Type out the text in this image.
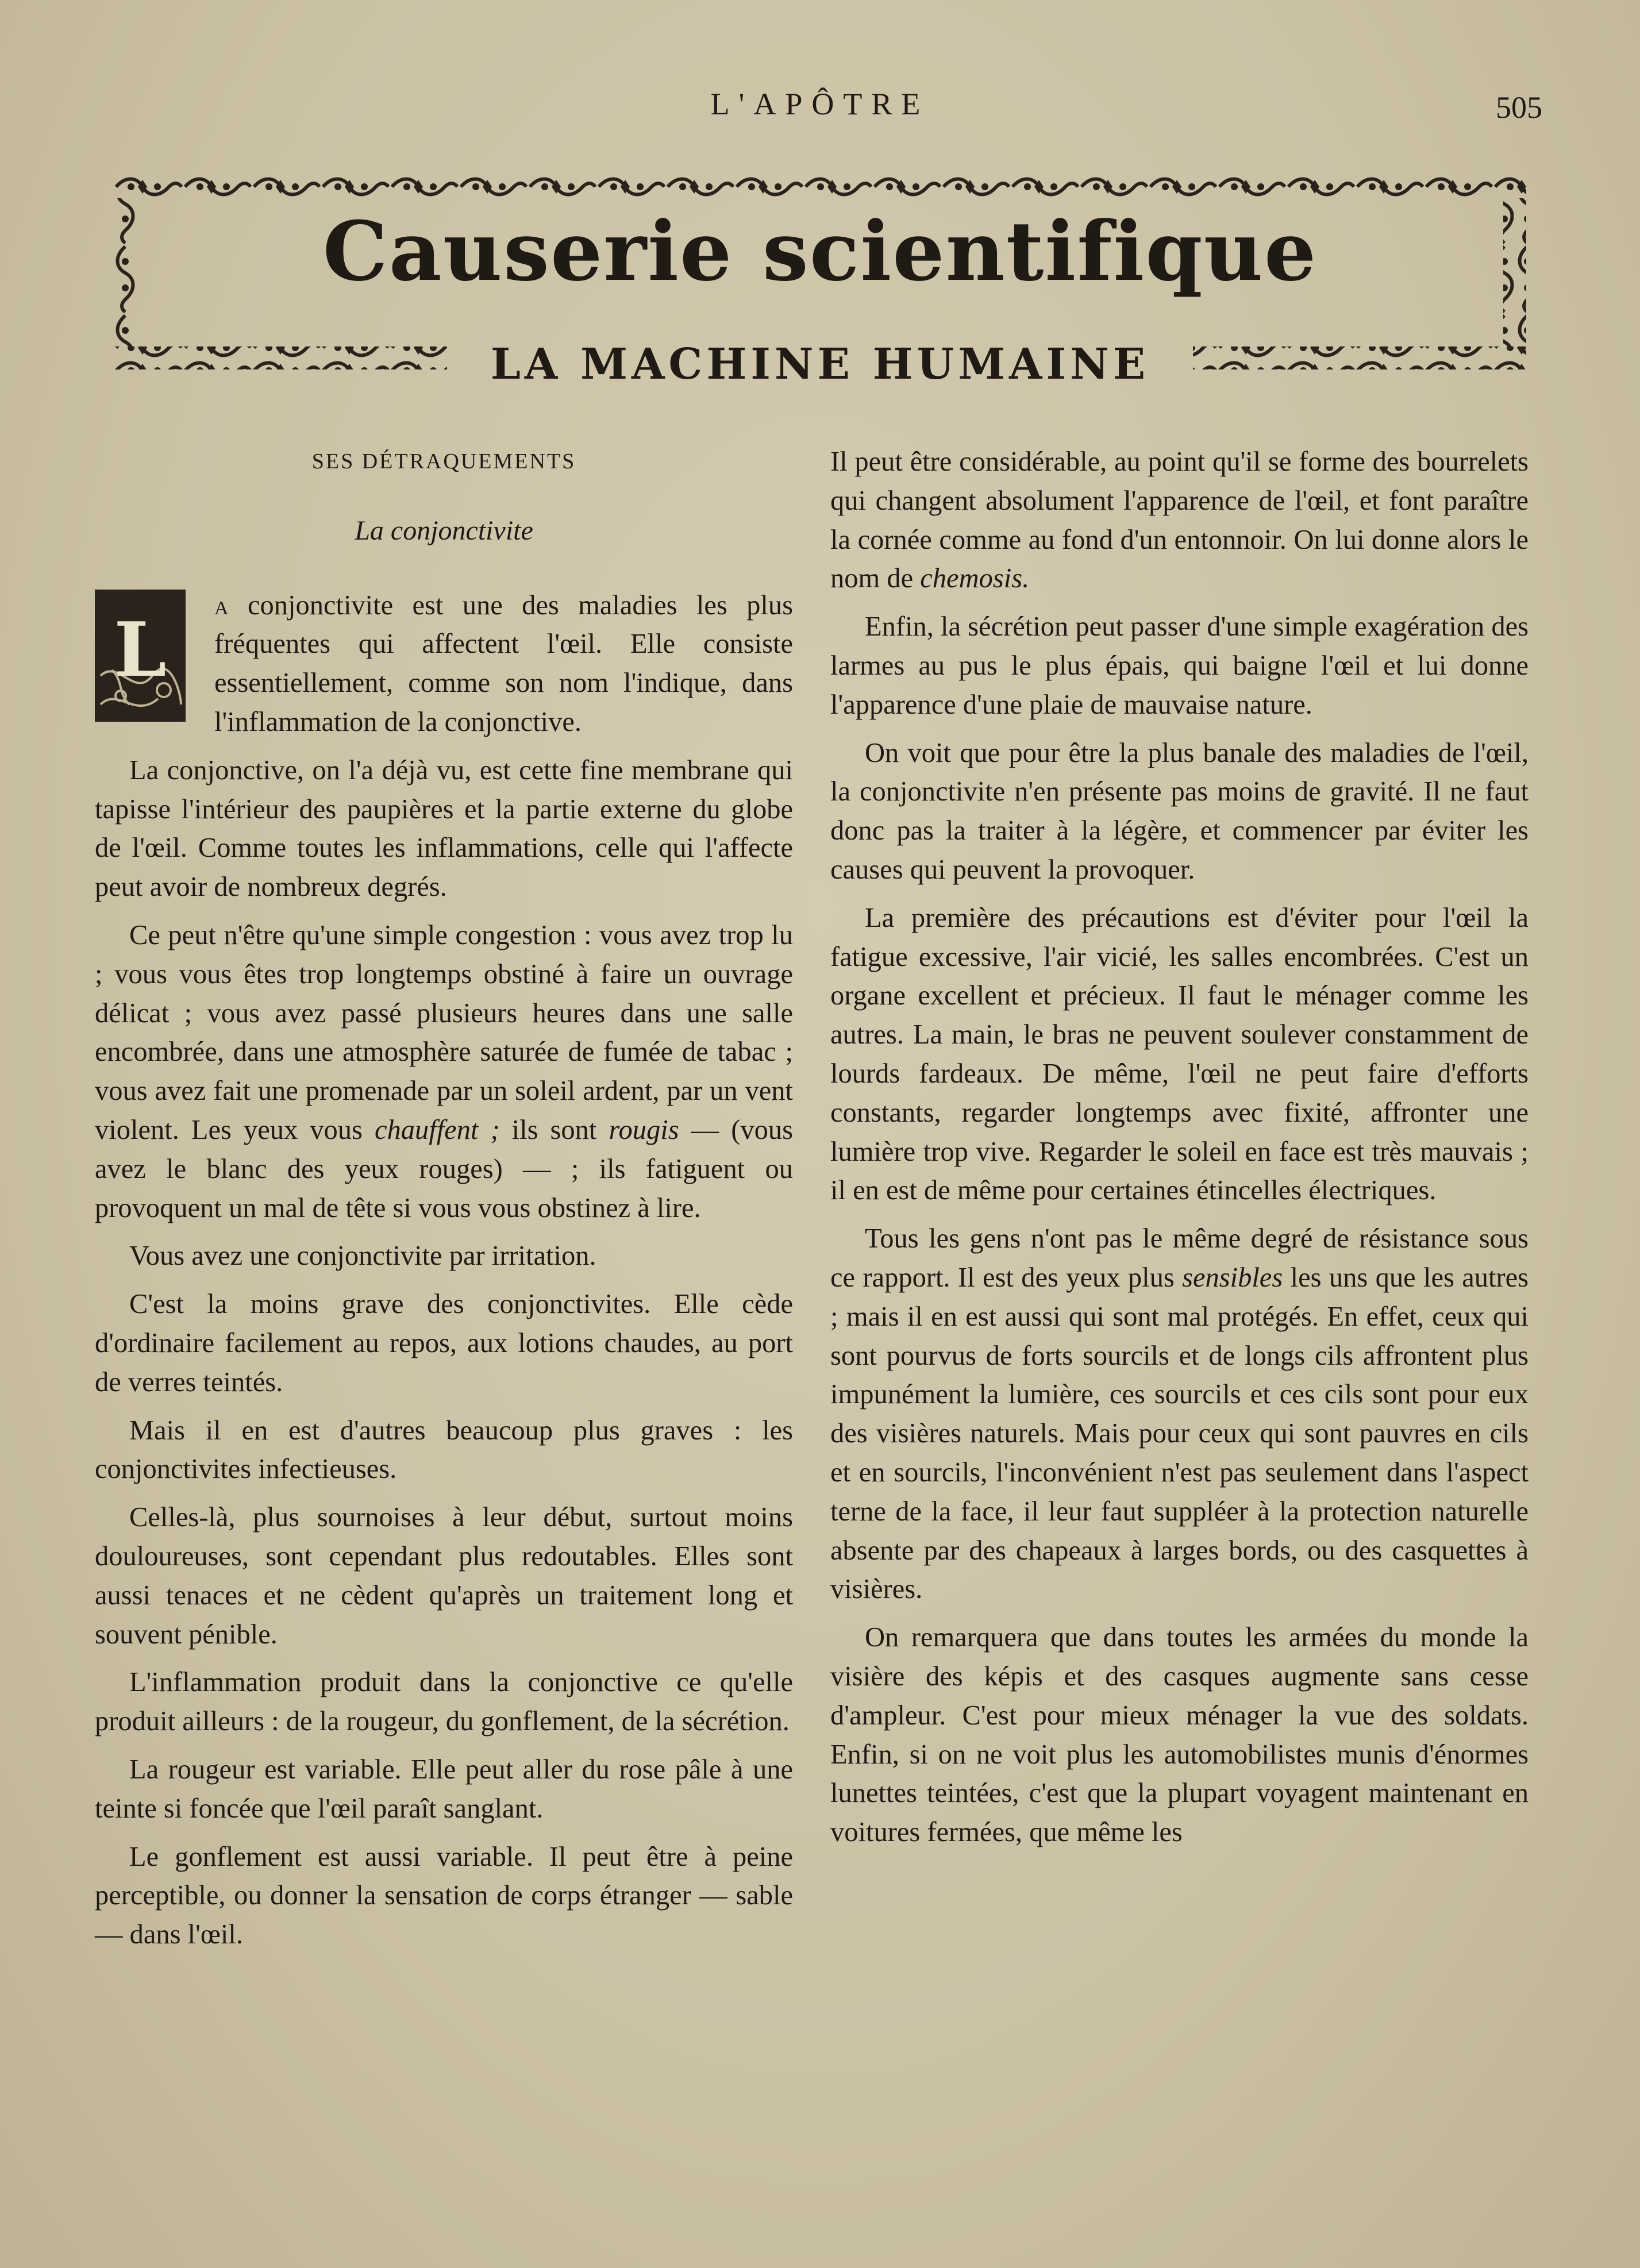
L'APÔTRE	505
Causerie scientifique
LA MACHINE HUMAINE

SES DÉTRAQUEMENTS

La conjonctivite

L

a conjonctivite est une des maladies les plus fréquentes qui affectent l'œil. Elle consiste essentiellement, comme son nom l'indique, dans l'inflammation de la conjonctive.

La conjonctive, on l'a déjà vu, est cette fine membrane qui tapisse l'intérieur des paupières et la partie externe du globe de l'œil. Comme toutes les inflammations, celle qui l'affecte peut avoir de nombreux degrés.

Ce peut n'être qu'une simple congestion : vous avez trop lu ; vous vous êtes trop longtemps obstiné à faire un ouvrage délicat ; vous avez passé plusieurs heures dans une salle encombrée, dans une atmosphère saturée de fumée de tabac ; vous avez fait une promenade par un soleil ardent, par un vent violent. Les yeux vous chauffent ; ils sont rougis — (vous avez le blanc des yeux rouges) — ; ils fatiguent ou provoquent un mal de tête si vous vous obstinez à lire.

Vous avez une conjonctivite par irritation.

C'est la moins grave des conjonctivites. Elle cède d'ordinaire facilement au repos, aux lotions chaudes, au port de verres teintés.

Mais il en est d'autres beaucoup plus graves : les conjonctivites infectieuses.

Celles-là, plus sournoises à leur début, surtout moins douloureuses, sont cependant plus redoutables. Elles sont aussi tenaces et ne cèdent qu'après un traitement long et souvent pénible.

L'inflammation produit dans la conjonctive ce qu'elle produit ailleurs : de la rougeur, du gonflement, de la sécrétion.

La rougeur est variable. Elle peut aller du rose pâle à une teinte si foncée que l'œil paraît sanglant.

Le gonflement est aussi variable. Il peut être à peine perceptible, ou donner la sensation de corps étranger — sable — dans l'œil.

Il peut être considérable, au point qu'il se forme des bourrelets qui changent absolument l'apparence de l'œil, et font paraître la cornée comme au fond d'un entonnoir. On lui donne alors le nom de chemosis.

Enfin, la sécrétion peut passer d'une simple exagération des larmes au pus le plus épais, qui baigne l'œil et lui donne l'apparence d'une plaie de mauvaise nature.

On voit que pour être la plus banale des maladies de l'œil, la conjonctivite n'en présente pas moins de gravité. Il ne faut donc pas la traiter à la légère, et commencer par éviter les causes qui peuvent la provoquer.

La première des précautions est d'éviter pour l'œil la fatigue excessive, l'air vicié, les salles encombrées. C'est un organe excellent et précieux. Il faut le ménager comme les autres. La main, le bras ne peuvent soulever constamment de lourds fardeaux. De même, l'œil ne peut faire d'efforts constants, regarder longtemps avec fixité, affronter une lumière trop vive. Regarder le soleil en face est très mauvais ; il en est de même pour certaines étincelles électriques.

Tous les gens n'ont pas le même degré de résistance sous ce rapport. Il est des yeux plus sensibles les uns que les autres ; mais il en est aussi qui sont mal protégés. En effet, ceux qui sont pourvus de forts sourcils et de longs cils affrontent plus impunément la lumière, ces sourcils et ces cils sont pour eux des visières naturels. Mais pour ceux qui sont pauvres en cils et en sourcils, l'inconvénient n'est pas seulement dans l'aspect terne de la face, il leur faut suppléer à la protection naturelle absente par des chapeaux à larges bords, ou des casquettes à visières.

On remarquera que dans toutes les armées du monde la visière des képis et des casques augmente sans cesse d'ampleur. C'est pour mieux ménager la vue des soldats. Enfin, si on ne voit plus les automobilistes munis d'énormes lunettes teintées, c'est que la plupart voyagent maintenant en voitures fermées, que même les
